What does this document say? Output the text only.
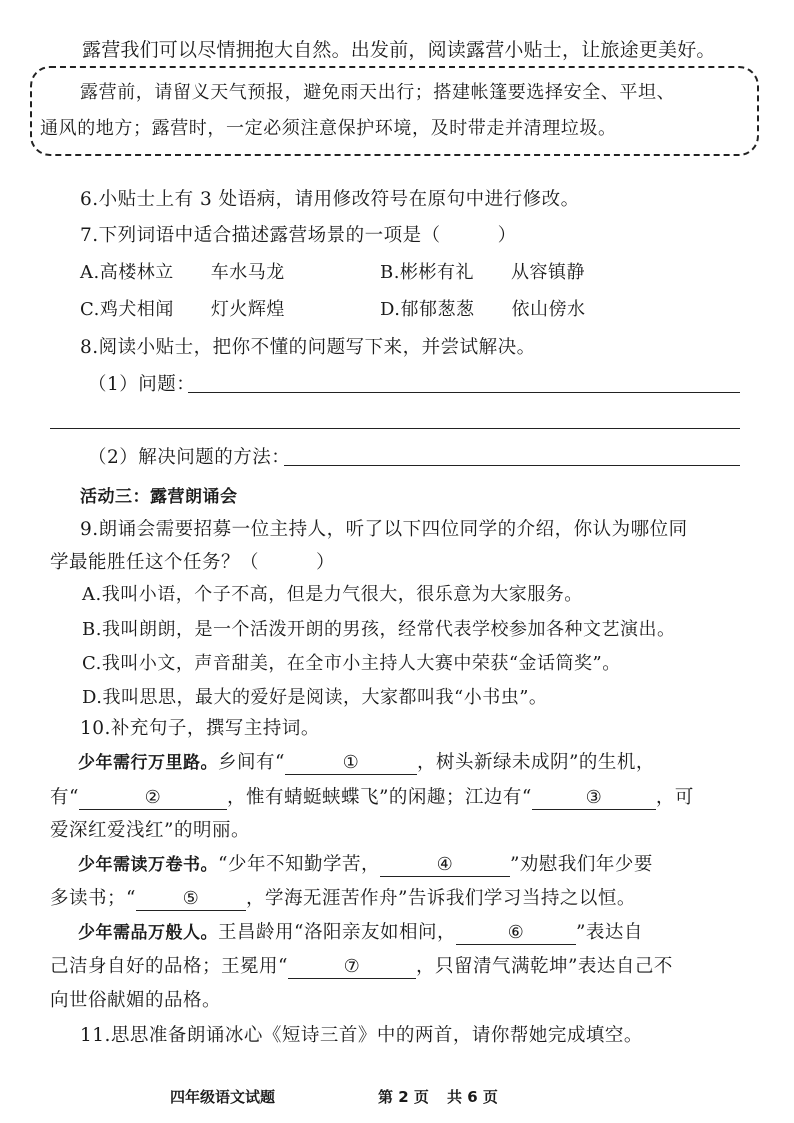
露营我们可以尽情拥抱大自然。出发前，阅读露营小贴士，让旅途更美好。
露营前，请留义天气预报，避免雨天出行；搭建帐篷要选择安全、平坦、
通风的地方；露营时，一定必须注意保护环境，及时带走并清理垃圾。
6.小贴士上有 3 处语病，请用修改符号在原句中进行修改。
7.下列词语中适合描述露营场景的一项是（　　　）
A.高楼林立　　车水马龙	B.彬彬有礼　　从容镇静
C.鸡犬相闻　　灯火辉煌	D.郁郁葱葱　　依山傍水
8.阅读小贴士，把你不懂的问题写下来，并尝试解决。
（1）问题：
（2）解决问题的方法：
活动三：露营朗诵会
9.朗诵会需要招募一位主持人，听了以下四位同学的介绍，你认为哪位同
学最能胜任这个任务？（　　　）
A.我叫小语，个子不高，但是力气很大，很乐意为大家服务。
B.我叫朗朗，是一个活泼开朗的男孩，经常代表学校参加各种文艺演出。
C.我叫小文，声音甜美，在全市小主持人大赛中荣获“金话筒奖”。
D.我叫思思，最大的爱好是阅读，大家都叫我“小书虫”。
10.补充句子，撰写主持词。
少年需行万里路。乡间有“	①	，树头新绿未成阴”的生机，
有“	②	，惟有蜻蜓蛱蝶飞”的闲趣；江边有“	③	，可
爱深红爱浅红”的明丽。
少年需读万卷书。“少年不知勤学苦，	④	”劝慰我们年少要
多读书；“	⑤	，学海无涯苦作舟”告诉我们学习当持之以恒。
少年需品万般人。王昌龄用“洛阳亲友如相问，	⑥	”表达自
己洁身自好的品格；王冕用“	⑦	，只留清气满乾坤”表达自己不
向世俗献媚的品格。
11.思思准备朗诵冰心《短诗三首》中的两首，请你帮她完成填空。
四年级语文试题	第 2 页 共 6 页
